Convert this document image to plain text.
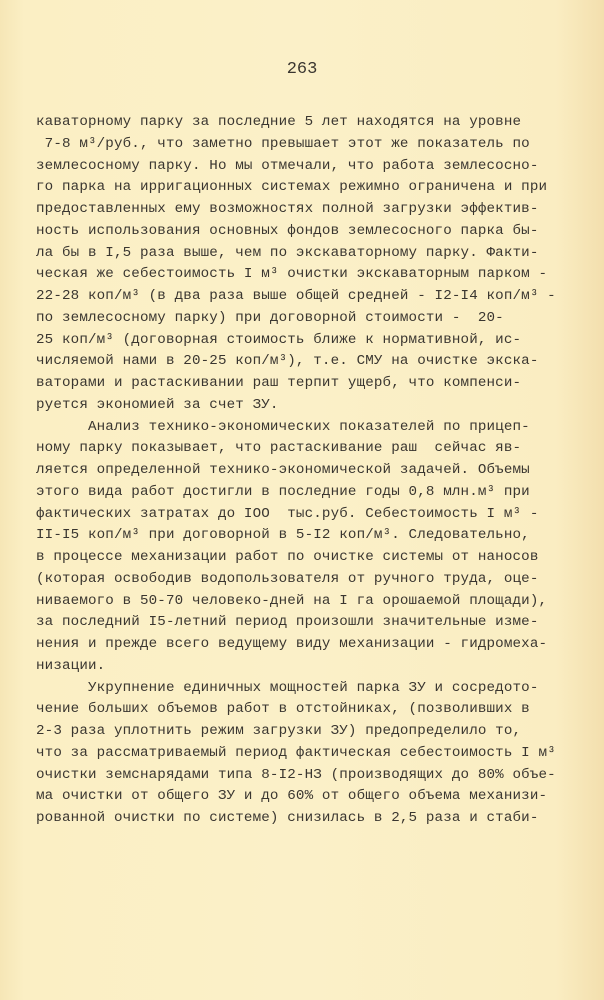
263
каваторному парку за последние 5 лет находятся на уровне
7-8 м³/руб., что заметно превышает этот же показатель по
землесосному парку. Но мы отмечали, что работа землесосно-
го парка на ирригационных системах режимно ограничена и при
предоставленных ему возможностях полной загрузки эффектив-
ность использования основных фондов землесосного парка бы-
ла бы в I,5 раза выше, чем по экскаваторному парку. Факти-
ческая же себестоимость I м³ очистки экскаваторным парком -
22-28 коп/м³ (в два раза выше общей средней - I2-I4 коп/м³ -
по землесосному парку) при договорной стоимости -  20-
25 коп/м³ (договорная стоимость ближе к нормативной, ис-
числяемой нами в 20-25 коп/м³), т.е. СМУ на очистке экска-
ваторами и растаскивании раш терпит ущерб, что компенси-
руется экономией за счет ЗУ.
Анализ технико-экономических показателей по прицеп-
ному парку показывает, что растаскивание раш  сейчас яв-
ляется определенной технико-экономической задачей. Объемы
этого вида работ достигли в последние годы 0,8 млн.м³ при
фактических затратах до IOO  тыс.руб. Себестоимость I м³ -
II-I5 коп/м³ при договорной в 5-I2 коп/м³. Следовательно,
в процессе механизации работ по очистке системы от наносов
(которая освободив водопользователя от ручного труда, оце-
ниваемого в 50-70 человеко-дней на I га орошаемой площади),
за последний I5-летний период произошли значительные изме-
нения и прежде всего ведущему виду механизации - гидромеха-
низации.
Укрупнение единичных мощностей парка ЗУ и сосредото-
чение больших объемов работ в отстойниках, (позволивших в
2-3 раза уплотнить режим загрузки ЗУ) предопределило то,
что за рассматриваемый период фактическая себестоимость I м³
очистки земснарядами типа 8-I2-НЗ (производящих до 80% объе-
ма очистки от общего ЗУ и до 60% от общего объема механизи-
рованной очистки по системе) снизилась в 2,5 раза и стаби-
